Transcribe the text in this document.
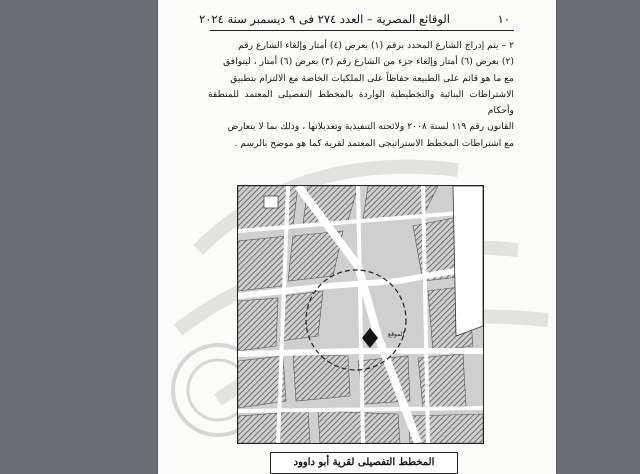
١٠
الوقائع المصرية – العدد ٢٧٤ فى ٩ ديسمبر سنة ٢٠٢٤

٢ – يتم إدراج الشارع المحدد برقم (١) بعرض (٤) أمتار وإلغاء الشارع رقم

(٢) بعرض (٦) أمتار وإلغاء جزء من الشارع رقم (٣) بعرض (٦) أمتار ، ليتوافق

مع ما هو قائم على الطبيعة حفاظاً على الملكيات الخاصة مع الالتزام بتطبيق

الاشتراطات البنائية والتخطيطية الواردة بالمخطط التفصيلى المعتمد للمنطقة وأحكام

القانون رقم ١١٩ لسنة ٢٠٠٨ ولائحته التنفيذية وتعديلاتها ، وذلك بما لا يتعارض

مع اشتراطات المخطط الاستراتيجى المعتمد لقرية كما هو موضح بالرسم .

الموقع
المخطط التفصيلى لقرية أبو داوود
